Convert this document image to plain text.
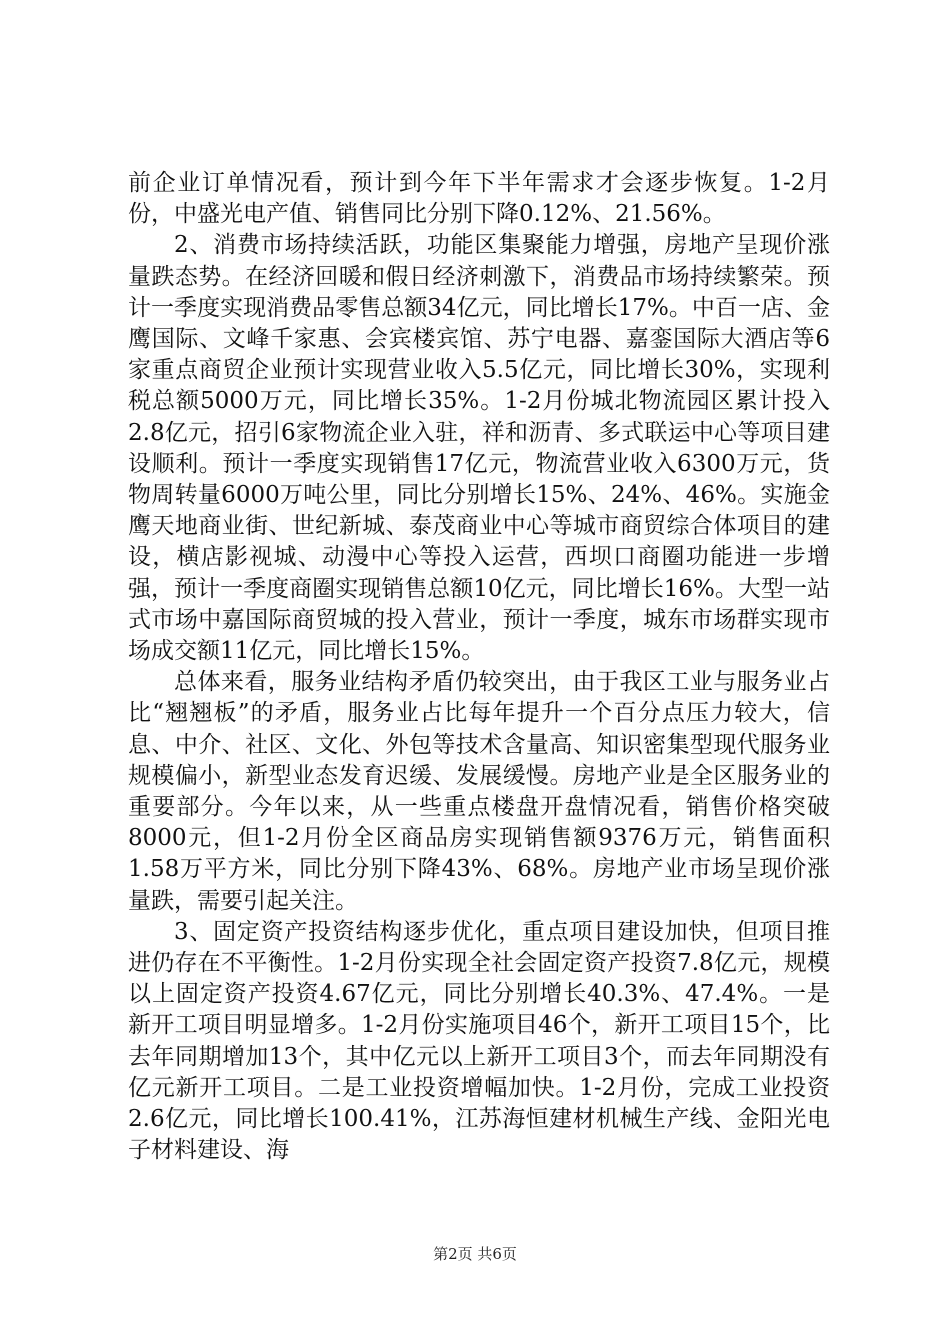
前企业订单情况看，预计到今年下半年需求才会逐步恢复。1-2月份，中盛光电产值、销售同比分别下降0.12%、21.56%。

2、消费市场持续活跃，功能区集聚能力增强，房地产呈现价涨量跌态势。在经济回暖和假日经济刺激下，消费品市场持续繁荣。预计一季度实现消费品零售总额34亿元，同比增长17%。中百一店、金鹰国际、文峰千家惠、会宾楼宾馆、苏宁电器、嘉銮国际大酒店等6家重点商贸企业预计实现营业收入5.5亿元，同比增长30%，实现利税总额5000万元，同比增长35%。1-2月份城北物流园区累计投入2.8亿元，招引6家物流企业入驻，祥和沥青、多式联运中心等项目建设顺利。预计一季度实现销售17亿元，物流营业收入6300万元，货物周转量6000万吨公里，同比分别增长15%、24%、46%。实施金鹰天地商业街、世纪新城、泰茂商业中心等城市商贸综合体项目的建设，横店影视城、动漫中心等投入运营，西坝口商圈功能进一步增强，预计一季度商圈实现销售总额10亿元，同比增长16%。大型一站式市场中嘉国际商贸城的投入营业，预计一季度，城东市场群实现市场成交额11亿元，同比增长15%。

总体来看，服务业结构矛盾仍较突出，由于我区工业与服务业占比“翘翘板”的矛盾，服务业占比每年提升一个百分点压力较大，信息、中介、社区、文化、外包等技术含量高、知识密集型现代服务业规模偏小，新型业态发育迟缓、发展缓慢。房地产业是全区服务业的重要部分。今年以来，从一些重点楼盘开盘情况看，销售价格突破8000元，但1-2月份全区商品房实现销售额9376万元，销售面积1.58万平方米，同比分别下降43%、68%。房地产业市场呈现价涨量跌，需要引起关注。

3、固定资产投资结构逐步优化，重点项目建设加快，但项目推进仍存在不平衡性。1-2月份实现全社会固定资产投资7.8亿元，规模以上固定资产投资4.67亿元，同比分别增长40.3%、47.4%。一是新开工项目明显增多。1-2月份实施项目46个，新开工项目15个，比去年同期增加13个，其中亿元以上新开工项目3个，而去年同期没有亿元新开工项目。二是工业投资增幅加快。1-2月份，完成工业投资2.6亿元，同比增长100.41%，江苏海恒建材机械生产线、金阳光电子材料建设、海

第2页 共6页
